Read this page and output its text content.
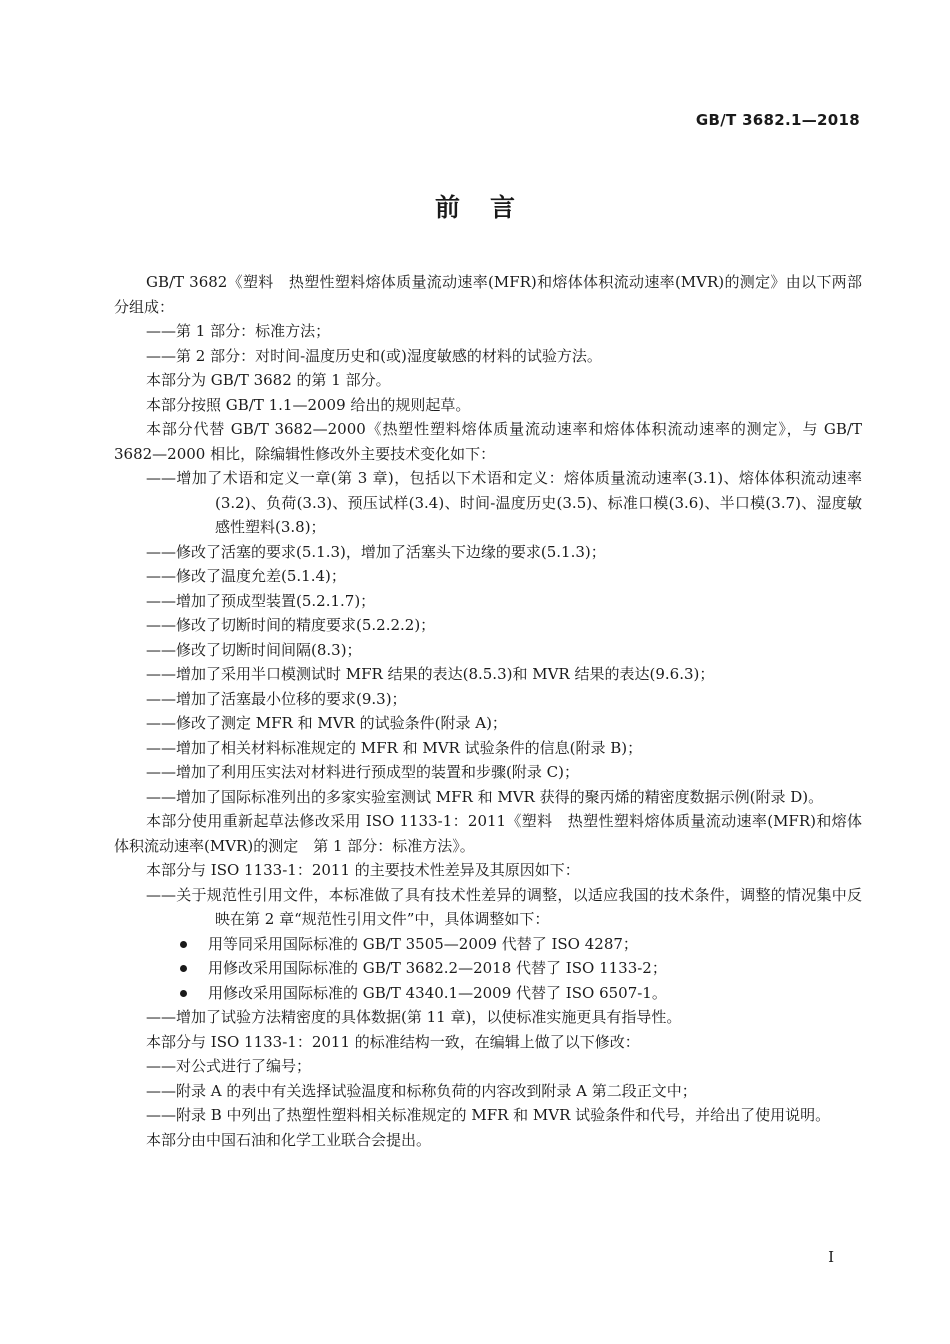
GB/T 3682.1—2018
前言
GB/T 3682《塑料　热塑性塑料熔体质量流动速率(MFR)和熔体体积流动速率(MVR)的测定》由以下两部分组成：
——第 1 部分：标准方法；
——第 2 部分：对时间-温度历史和(或)湿度敏感的材料的试验方法。
本部分为 GB/T 3682 的第 1 部分。
本部分按照 GB/T 1.1—2009 给出的规则起草。
本部分代替 GB/T 3682—2000《热塑性塑料熔体质量流动速率和熔体体积流动速率的测定》，与 GB/T 3682—2000 相比，除编辑性修改外主要技术变化如下：
——增加了术语和定义一章(第 3 章)，包括以下术语和定义：熔体质量流动速率(3.1)、熔体体积流动速率(3.2)、负荷(3.3)、预压试样(3.4)、时间-温度历史(3.5)、标准口模(3.6)、半口模(3.7)、湿度敏感性塑料(3.8)；
——修改了活塞的要求(5.1.3)，增加了活塞头下边缘的要求(5.1.3)；
——修改了温度允差(5.1.4)；
——增加了预成型装置(5.2.1.7)；
——修改了切断时间的精度要求(5.2.2.2)；
——修改了切断时间间隔(8.3)；
——增加了采用半口模测试时 MFR 结果的表达(8.5.3)和 MVR 结果的表达(9.6.3)；
——增加了活塞最小位移的要求(9.3)；
——修改了测定 MFR 和 MVR 的试验条件(附录 A)；
——增加了相关材料标准规定的 MFR 和 MVR 试验条件的信息(附录 B)；
——增加了利用压实法对材料进行预成型的装置和步骤(附录 C)；
——增加了国际标准列出的多家实验室测试 MFR 和 MVR 获得的聚丙烯的精密度数据示例(附录 D)。
本部分使用重新起草法修改采用 ISO 1133-1：2011《塑料　热塑性塑料熔体质量流动速率(MFR)和熔体体积流动速率(MVR)的测定　第 1 部分：标准方法》。
本部分与 ISO 1133-1：2011 的主要技术性差异及其原因如下：
——关于规范性引用文件，本标准做了具有技术性差异的调整，以适应我国的技术条件，调整的情况集中反映在第 2 章“规范性引用文件”中，具体调整如下：
用等同采用国际标准的 GB/T 3505—2009 代替了 ISO 4287；
用修改采用国际标准的 GB/T 3682.2—2018 代替了 ISO 1133-2；
用修改采用国际标准的 GB/T 4340.1—2009 代替了 ISO 6507-1。
——增加了试验方法精密度的具体数据(第 11 章)，以使标准实施更具有指导性。
本部分与 ISO 1133-1：2011 的标准结构一致，在编辑上做了以下修改：
——对公式进行了编号；
——附录 A 的表中有关选择试验温度和标称负荷的内容改到附录 A 第二段正文中；
——附录 B 中列出了热塑性塑料相关标准规定的 MFR 和 MVR 试验条件和代号，并给出了使用说明。
本部分由中国石油和化学工业联合会提出。
I
